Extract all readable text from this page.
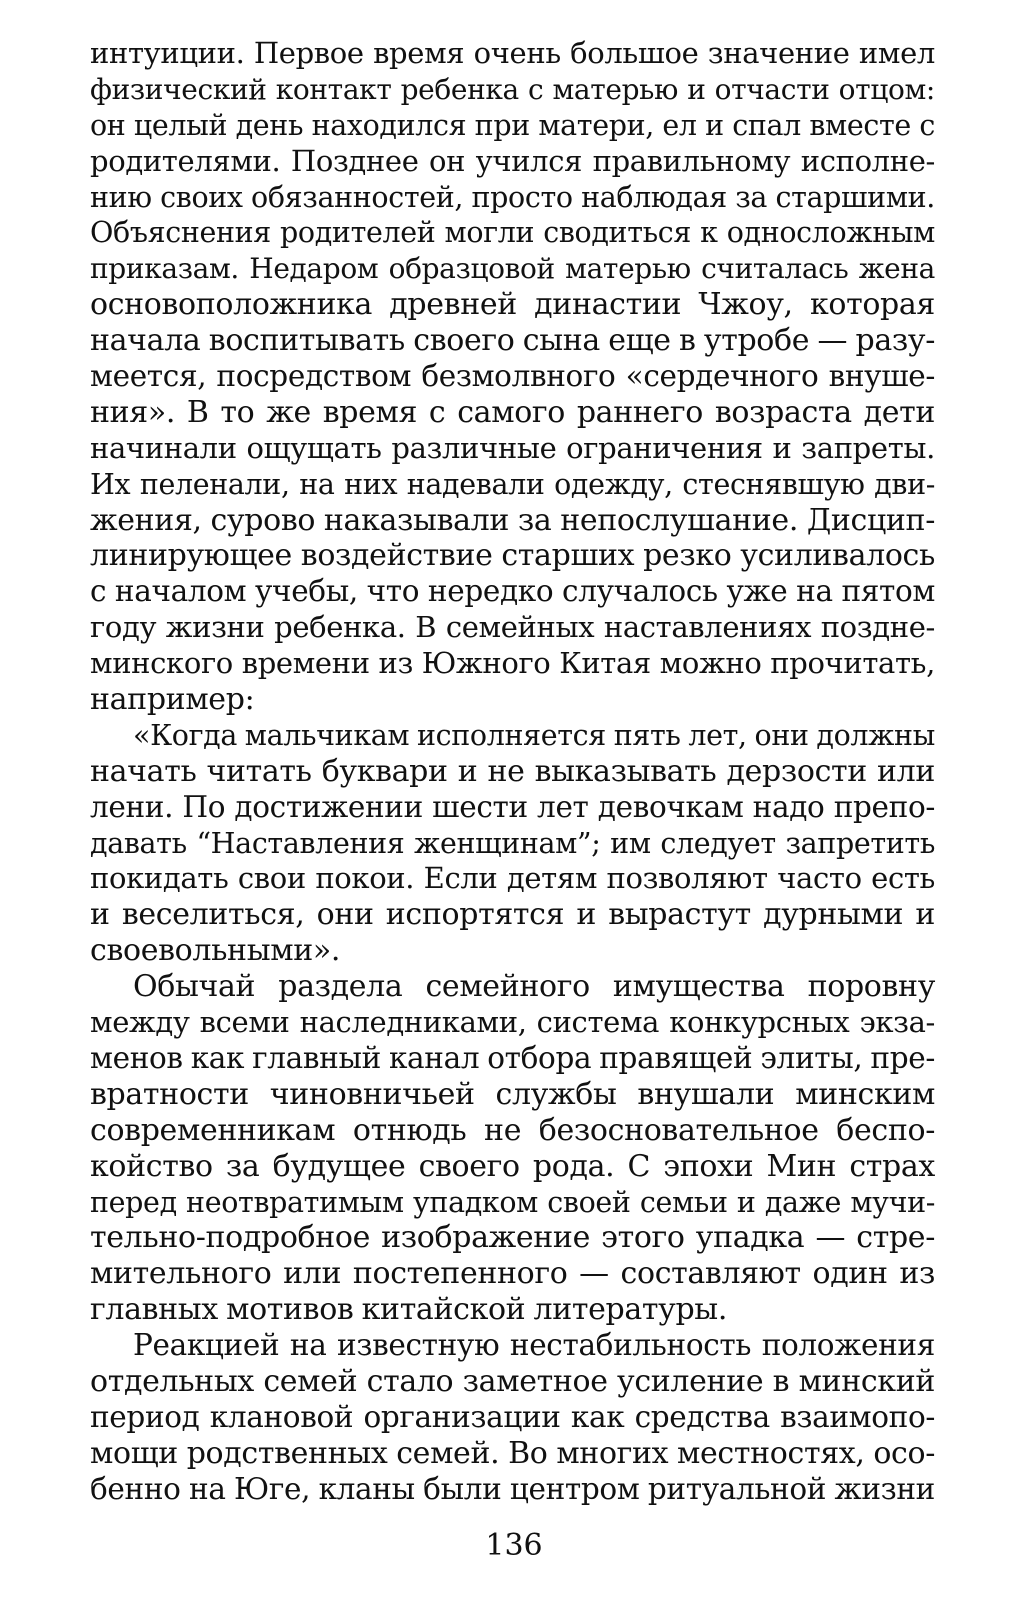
интуиции. Первое время очень большое значение имел
физический контакт ребенка с матерью и отчасти отцом:
он целый день находился при матери, ел и спал вместе с
родителями. Позднее он учился правильному исполне-
нию своих обязанностей, просто наблюдая за старшими.
Объяснения родителей могли сводиться к односложным
приказам. Недаром образцовой матерью считалась жена
основоположника древней династии Чжоу, которая
начала воспитывать своего сына еще в утробе — разу-
меется, посредством безмолвного «сердечного внуше-
ния». В то же время с самого раннего возраста дети
начинали ощущать различные ограничения и запреты.
Их пеленали, на них надевали одежду, стеснявшую дви-
жения, сурово наказывали за непослушание. Дисцип-
линирующее воздействие старших резко усиливалось
с началом учебы, что нередко случалось уже на пятом
году жизни ребенка. В семейных наставлениях поздне-
минского времени из Южного Китая можно прочитать,
например:
«Когда мальчикам исполняется пять лет, они должны
начать читать буквари и не выказывать дерзости или
лени. По достижении шести лет девочкам надо препо-
давать “Наставления женщинам”; им следует запретить
покидать свои покои. Если детям позволяют часто есть
и веселиться, они испортятся и вырастут дурными и
своевольными».
Обычай раздела семейного имущества поровну
между всеми наследниками, система конкурсных экза-
менов как главный канал отбора правящей элиты, пре-
вратности чиновничьей службы внушали минским
современникам отнюдь не безосновательное беспо-
койство за будущее своего рода. С эпохи Мин страх
перед неотвратимым упадком своей семьи и даже мучи-
тельно-подробное изображение этого упадка — стре-
мительного или постепенного — составляют один из
главных мотивов китайской литературы.
Реакцией на известную нестабильность положения
отдельных семей стало заметное усиление в минский
период клановой организации как средства взаимопо-
мощи родственных семей. Во многих местностях, осо-
бенно на Юге, кланы были центром ритуальной жизни
136
